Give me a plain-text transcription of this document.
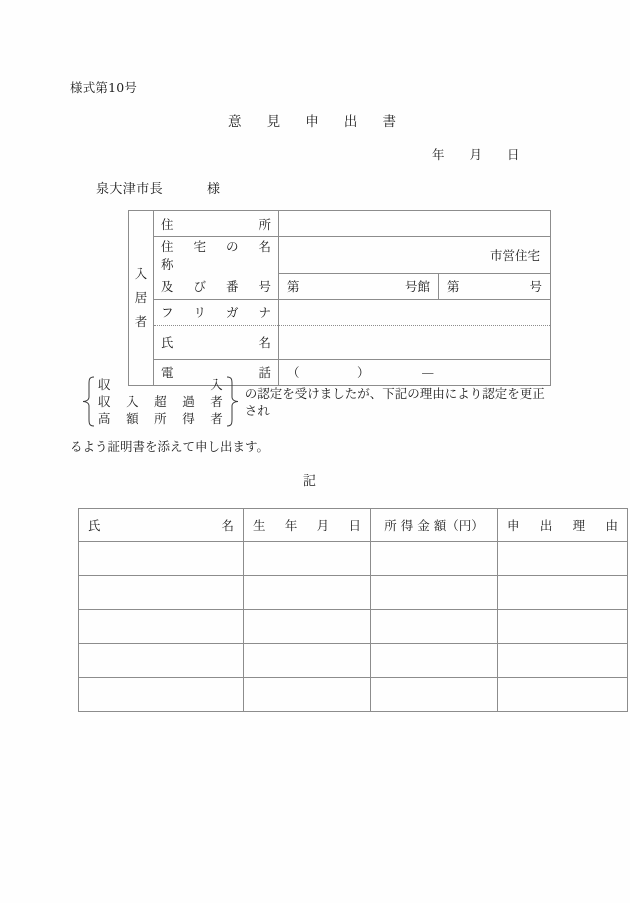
様式第10号
意　見　申　出　書
年　　月　　日
泉大津市長	様
入
居
者	住　　　　　所	

	住　宅　の　名　称	市営住宅

	及　び　番　号	第 号館 第 号

	フ　リ　ガ　ナ	

	氏　　　　　名	

	電　　　　　話	（ ） —
収　　　　　　入
収　入　超　過　者
高　額　所　得　者
の認定を受けましたが、下記の理由により認定を更正され
るよう証明書を添えて申し出ます。
記
氏　　　　　　　名	生　年　月　日	所 得 金 額（円）	申　出　理　由
